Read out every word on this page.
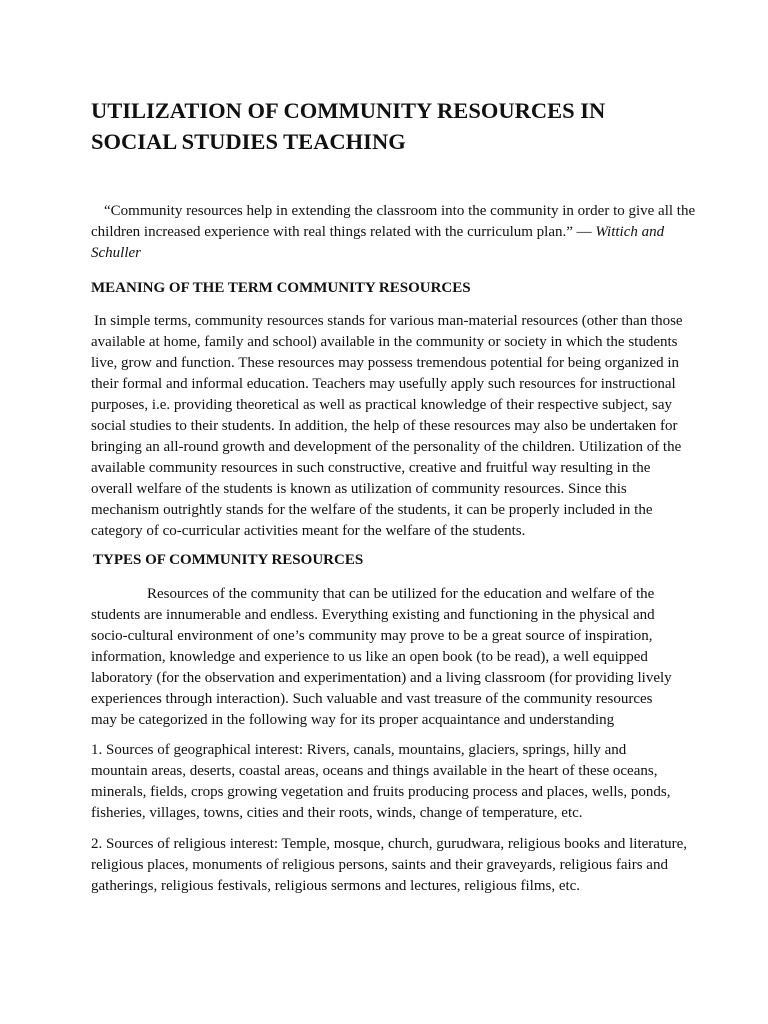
UTILIZATION OF COMMUNITY RESOURCES IN SOCIAL STUDIES TEACHING

“Community resources help in extending the classroom into the community in order to give all the children increased experience with real things related with the curriculum plan.” — Wittich and Schuller

MEANING OF THE TERM COMMUNITY RESOURCES

In simple terms, community resources stands for various man-material resources (other than those available at home, family and school) available in the community or society in which the students live, grow and function. These resources may possess tremendous potential for being organized in their formal and informal education. Teachers may usefully apply such resources for instructional purposes, i.e. providing theoretical as well as practical knowledge of their respective subject, say social studies to their students. In addition, the help of these resources may also be undertaken for bringing an all-round growth and development of the personality of the children. Utilization of the available community resources in such constructive, creative and fruitful way resulting in the overall welfare of the students is known as utilization of community resources. Since this mechanism outrightly stands for the welfare of the students, it can be properly included in the category of co-curricular activities meant for the welfare of the students.

TYPES OF COMMUNITY RESOURCES

Resources of the community that can be utilized for the education and welfare of the students are innumerable and endless. Everything existing and functioning in the physical and socio-cultural environment of one’s community may prove to be a great source of inspiration, information, knowledge and experience to us like an open book (to be read), a well equipped laboratory (for the observation and experimentation) and a living classroom (for providing lively experiences through interaction). Such valuable and vast treasure of the community resources may be categorized in the following way for its proper acquaintance and understanding

1. Sources of geographical interest: Rivers, canals, mountains, glaciers, springs, hilly and mountain areas, deserts, coastal areas, oceans and things available in the heart of these oceans, minerals, fields, crops growing vegetation and fruits producing process and places, wells, ponds, fisheries, villages, towns, cities and their roots, winds, change of temperature, etc.

2. Sources of religious interest: Temple, mosque, church, gurudwara, religious books and literature, religious places, monuments of religious persons, saints and their graveyards, religious fairs and gatherings, religious festivals, religious sermons and lectures, religious films, etc.
